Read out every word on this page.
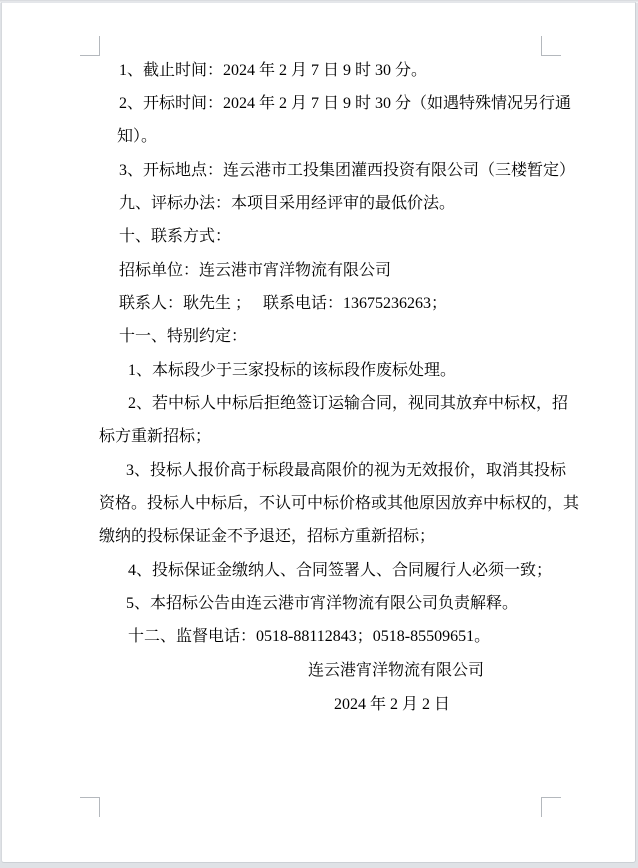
1、截止时间：2024 年 2 月 7 日 9 时 30 分。
2、开标时间：2024 年 2 月 7 日 9 时 30 分（如遇特殊情况另行通
知）。
3、开标地点：连云港市工投集团灌西投资有限公司（三楼暂定）
九、评标办法：本项目采用经评审的最低价法。
十、联系方式：
招标单位：连云港市宵洋物流有限公司
联系人：耿先生 ；   联系电话：13675236263；
十一、特别约定：
1、本标段少于三家投标的该标段作废标处理。
2、若中标人中标后拒绝签订运输合同，视同其放弃中标权，招
标方重新招标；
3、投标人报价高于标段最高限价的视为无效报价，取消其投标
资格。投标人中标后，不认可中标价格或其他原因放弃中标权的，其
缴纳的投标保证金不予退还，招标方重新招标；
4、投标保证金缴纳人、合同签署人、合同履行人必须一致；
5、本招标公告由连云港市宵洋物流有限公司负责解释。
十二、监督电话：0518-88112843；0518-85509651。
连云港宵洋物流有限公司
2024 年 2 月 2 日
